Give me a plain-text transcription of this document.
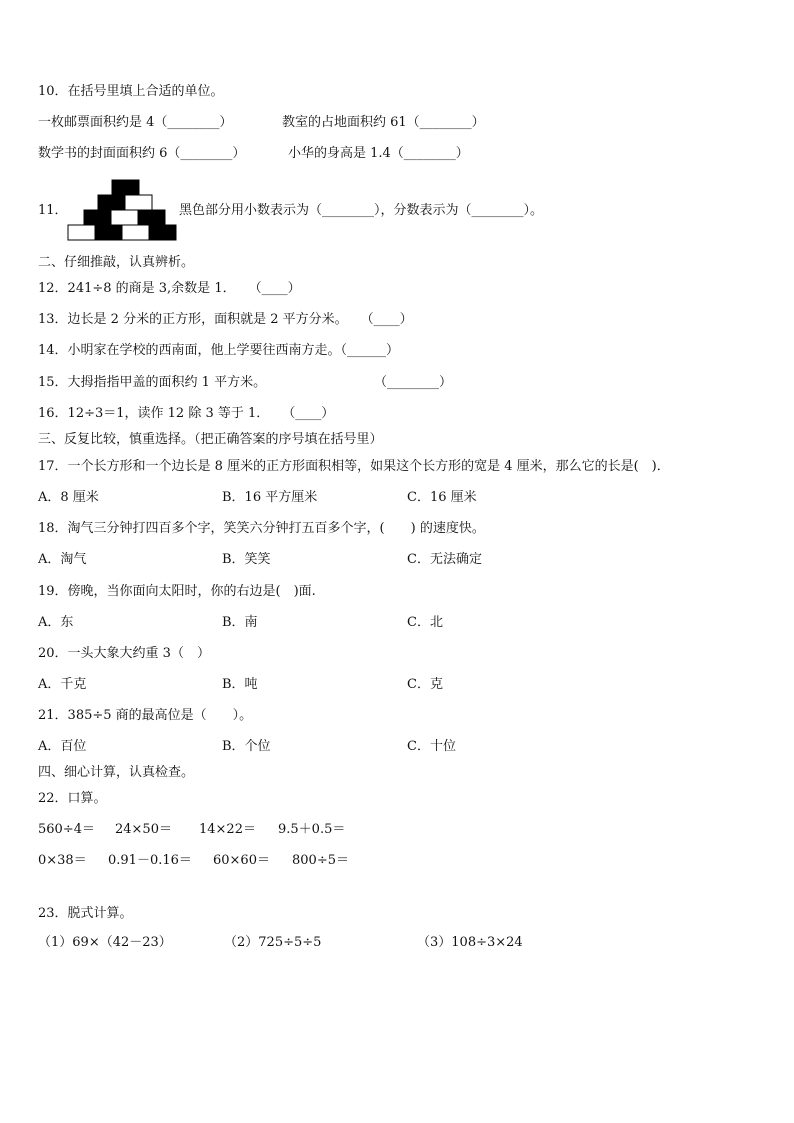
10．在括号里填上合适的单位。
一枚邮票面积约是 4（________）	教室的占地面积约 61（________）
数学书的封面面积约 6（________）	小华的身高是 1.4（________）
11．	黑色部分用小数表示为（________），分数表示为（________）。
二、仔细推敲，认真辨析。
12．241÷8 的商是 3,余数是 1．　　（____）
13．边长是 2 分米的正方形，面积就是 2 平方分米。　　（____）
14．小明家在学校的西南面，他上学要往西南方走。（______）
15．大拇指指甲盖的面积约 1 平方米。	（________）
16．12÷3＝1，读作 12 除 3 等于 1．　　（____）
三、反复比较，慎重选择。（把正确答案的序号填在括号里）
17．一个长方形和一个边长是 8 厘米的正方形面积相等，如果这个长方形的宽是 4 厘米，那么它的长是(　)．
A．8 厘米	B．16 平方厘米	C．16 厘米
18．淘气三分钟打四百多个字，笑笑六分钟打五百多个字，(　　) 的速度快。
A．淘气	B．笑笑	C．无法确定
19．傍晚，当你面向太阳时，你的右边是(　)面.
A．东	B．南	C．北
20．一头大象大约重 3（　）
A．千克	B．吨	C．克
21．385÷5 商的最高位是（　　）。
A．百位	B．个位	C．十位
四、细心计算，认真检查。
22．口算。
560÷4＝ 24×50＝ 14×22＝ 9.5＋0.5＝
0×38＝ 0.91－0.16＝ 60×60＝ 800÷5＝
23．脱式计算。
（1）69×（42－23）	（2）725÷5÷5	（3）108÷3×24
